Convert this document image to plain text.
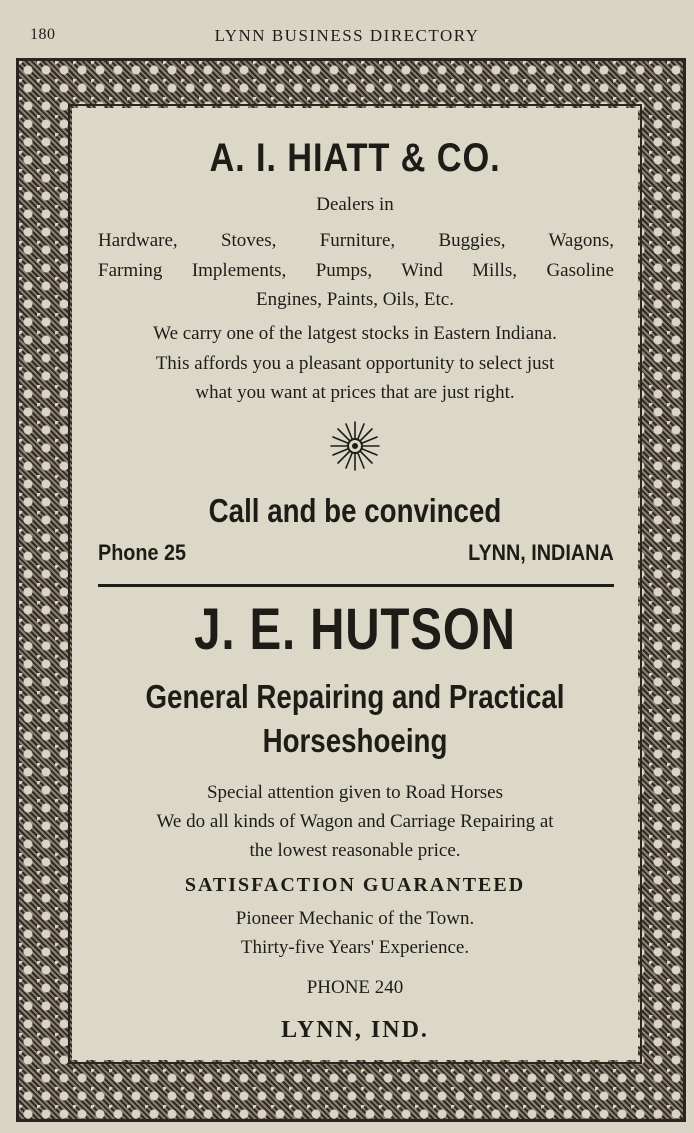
180	LYNN BUSINESS DIRECTORY
A. I. HIATT & CO.
Dealers in
Hardware, Stoves, Furniture, Buggies, Wagons,
Farming Implements, Pumps, Wind Mills, Gasoline
Engines, Paints, Oils, Etc.
We carry one of the latgest stocks in Eastern Indiana.
This affords you a pleasant opportunity to select just
what you want at prices that are just right.
Call and be convinced
Phone 25	LYNN, INDIANA
J. E. HUTSON
General Repairing and Practical
Horseshoeing
Special attention given to Road Horses
We do all kinds of Wagon and Carriage Repairing at
the lowest reasonable price.
SATISFACTION GUARANTEED
Pioneer Mechanic of the Town.
Thirty-five Years' Experience.
PHONE 240
LYNN, IND.
